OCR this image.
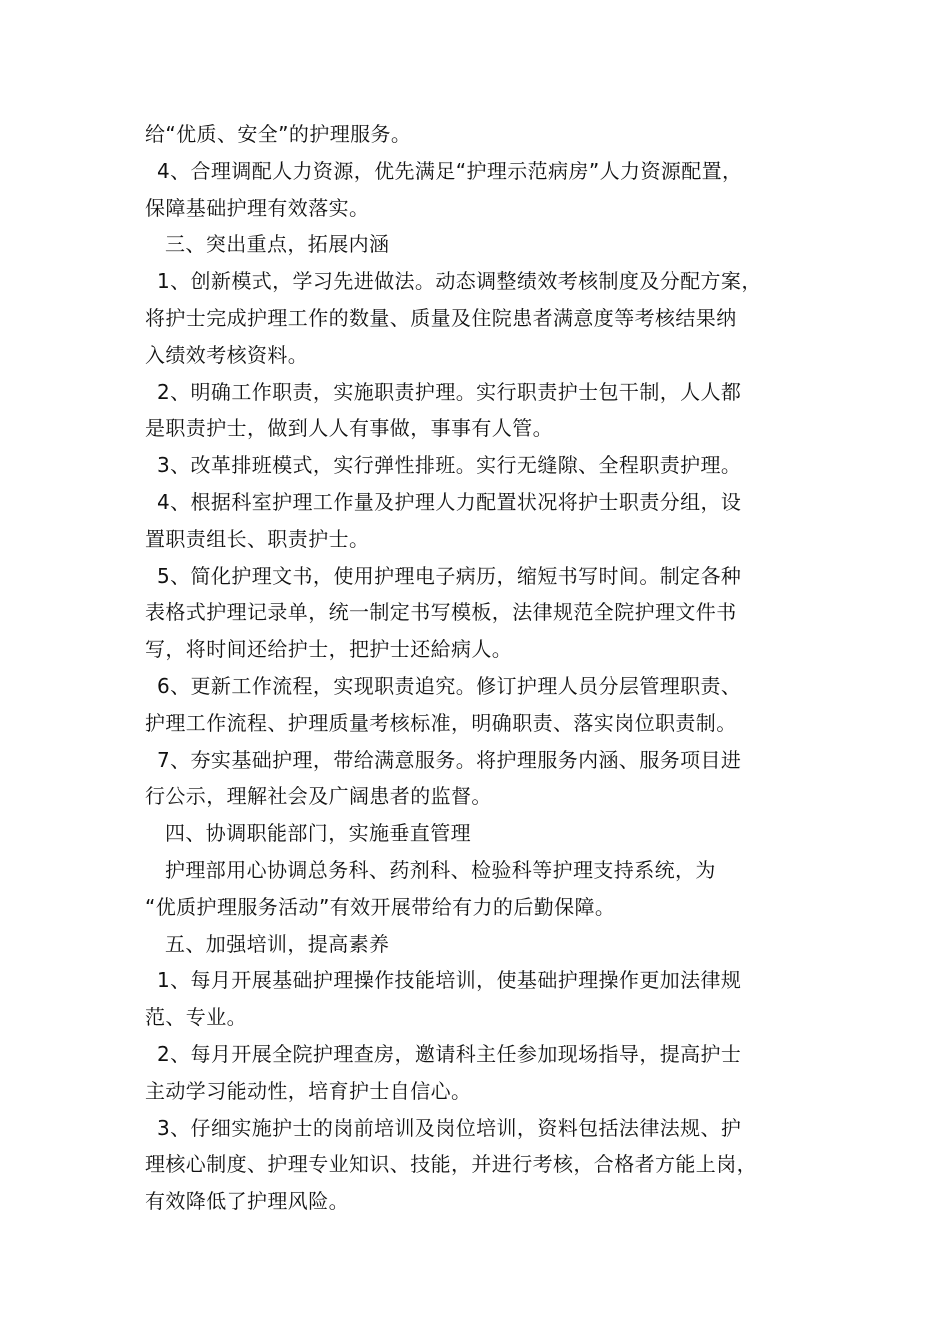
给“优质、安全”的护理服务。
4、合理调配人力资源，优先满足“护理示范病房”人力资源配置，
保障基础护理有效落实。
三、突出重点，拓展内涵
1、创新模式，学习先进做法。动态调整绩效考核制度及分配方案，
将护士完成护理工作的数量、质量及住院患者满意度等考核结果纳
入绩效考核资料。
2、明确工作职责，实施职责护理。实行职责护士包干制，人人都
是职责护士，做到人人有事做，事事有人管。
3、改革排班模式，实行弹性排班。实行无缝隙、全程职责护理。
4、根据科室护理工作量及护理人力配置状况将护士职责分组，设
置职责组长、职责护士。
5、简化护理文书，使用护理电子病历，缩短书写时间。制定各种
表格式护理记录单，统一制定书写模板，法律规范全院护理文件书
写，将时间还给护士，把护士还給病人。
6、更新工作流程，实现职责追究。修订护理人员分层管理职责、
护理工作流程、护理质量考核标准，明确职责、落实岗位职责制。
7、夯实基础护理，带给满意服务。将护理服务内涵、服务项目进
行公示，理解社会及广阔患者的监督。
四、协调职能部门，实施垂直管理
护理部用心协调总务科、药剂科、检验科等护理支持系统，为
“优质护理服务活动”有效开展带给有力的后勤保障。
五、加强培训，提高素养
1、每月开展基础护理操作技能培训，使基础护理操作更加法律规
范、专业。
2、每月开展全院护理查房，邀请科主任参加现场指导，提高护士
主动学习能动性，培育护士自信心。
3、仔细实施护士的岗前培训及岗位培训，资料包括法律法规、护
理核心制度、护理专业知识、技能，并进行考核，合格者方能上岗，
有效降低了护理风险。
